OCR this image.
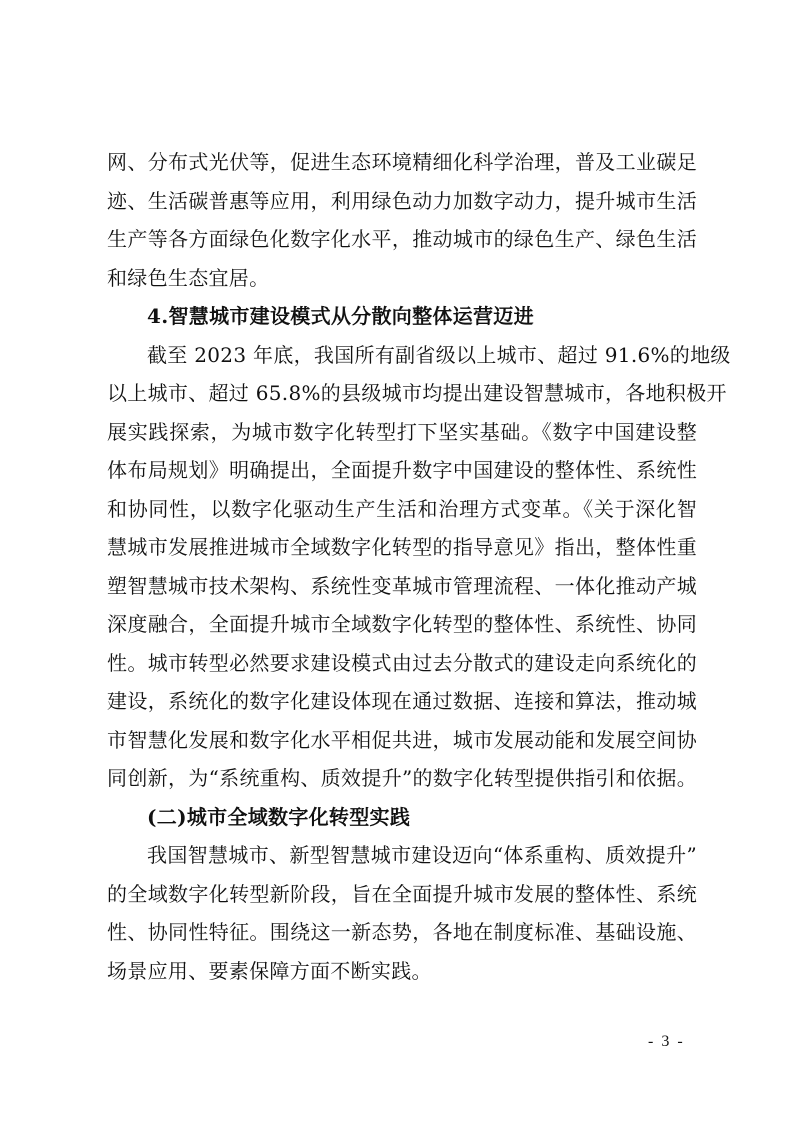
网、分布式光伏等，促进生态环境精细化科学治理，普及工业碳足
迹、生活碳普惠等应用，利用绿色动力加数字动力，提升城市生活
生产等各方面绿色化数字化水平，推动城市的绿色生产、绿色生活
和绿色生态宜居。
4.智慧城市建设模式从分散向整体运营迈进
截至 2023 年底，我国所有副省级以上城市、超过 91.6%的地级
以上城市、超过 65.8%的县级城市均提出建设智慧城市，各地积极开
展实践探索，为城市数字化转型打下坚实基础。《数字中国建设整
体布局规划》明确提出，全面提升数字中国建设的整体性、系统性
和协同性，以数字化驱动生产生活和治理方式变革。《关于深化智
慧城市发展推进城市全域数字化转型的指导意见》指出，整体性重
塑智慧城市技术架构、系统性变革城市管理流程、一体化推动产城
深度融合，全面提升城市全域数字化转型的整体性、系统性、协同
性。城市转型必然要求建设模式由过去分散式的建设走向系统化的
建设，系统化的数字化建设体现在通过数据、连接和算法，推动城
市智慧化发展和数字化水平相促共进，城市发展动能和发展空间协
同创新，为“系统重构、质效提升”的数字化转型提供指引和依据。
(二)城市全域数字化转型实践
我国智慧城市、新型智慧城市建设迈向“体系重构、质效提升”
的全域数字化转型新阶段，旨在全面提升城市发展的整体性、系统
性、协同性特征。围绕这一新态势，各地在制度标准、基础设施、
场景应用、要素保障方面不断实践。
- 3 -
